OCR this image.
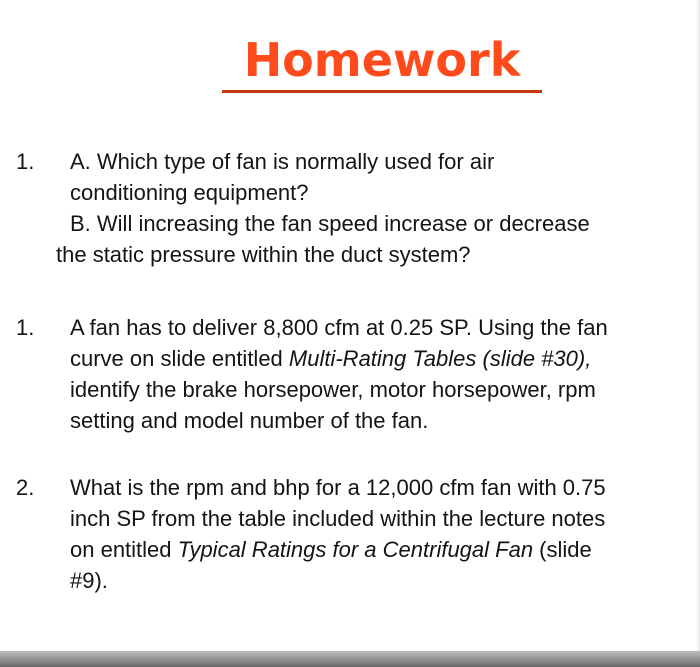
Homework
1.	A. Which type of fan is normally used for air
conditioning equipment?
B. Will increasing the fan speed increase or decrease
the static pressure within the duct system?
1. A fan has to deliver 8,800 cfm at 0.25 SP. Using the fan
curve on slide entitled Multi-Rating Tables (slide #30),
identify the brake horsepower, motor horsepower, rpm
setting and model number of the fan.
2. What is the rpm and bhp for a 12,000 cfm fan with 0.75
inch SP from the table included within the lecture notes
on entitled Typical Ratings for a Centrifugal Fan (slide
#9).
